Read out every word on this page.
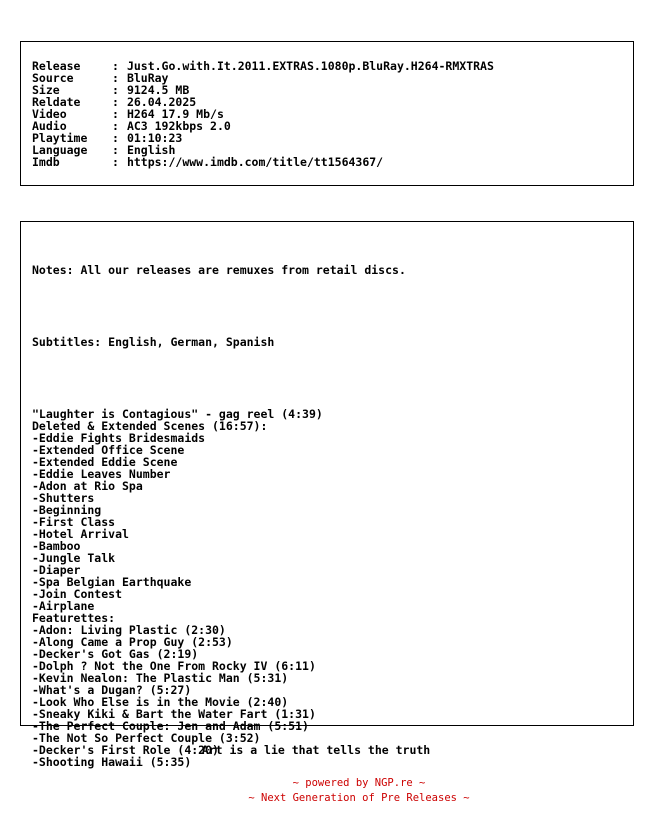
Release	: Just.Go.with.It.2011.EXTRAS.1080p.BluRay.H264-RMXTRAS
Source	: BluRay
Size	: 9124.5 MB
Reldate	: 26.04.2025
Video	: H264 17.9 Mb/s
Audio	: AC3 192kbps 2.0
Playtime : 01:10:23
Language : English
Imdb	: https://www.imdb.com/title/tt1564367/

Notes: All our releases are remuxes from retail discs.

Subtitles: English, German, Spanish

"Laughter is Contagious" - gag reel (4:39)
Deleted & Extended Scenes (16:57):
-Eddie Fights Bridesmaids
-Extended Office Scene
-Extended Eddie Scene
-Eddie Leaves Number
-Adon at Rio Spa
-Shutters
-Beginning
-First Class
-Hotel Arrival
-Bamboo
-Jungle Talk
-Diaper
-Spa Belgian Earthquake
-Join Contest
-Airplane
Featurettes:
-Adon: Living Plastic (2:30)
-Along Came a Prop Guy (2:53)
-Decker's Got Gas (2:19)
-Dolph ? Not the One From Rocky IV (6:11)
-Kevin Nealon: The Plastic Man (5:31)
-What's a Dugan? (5:27)
-Look Who Else is in the Movie (2:40)
-Sneaky Kiki & Bart the Water Fart (1:31)
-The Perfect Couple: Jen and Adam (5:51)
-The Not So Perfect Couple (3:52)
-Decker's First Role (4:20)
-Shooting Hawaii (5:35)

Art is a lie that tells the truth
~ powered by NGP.re ~
~ Next Generation of Pre Releases ~
